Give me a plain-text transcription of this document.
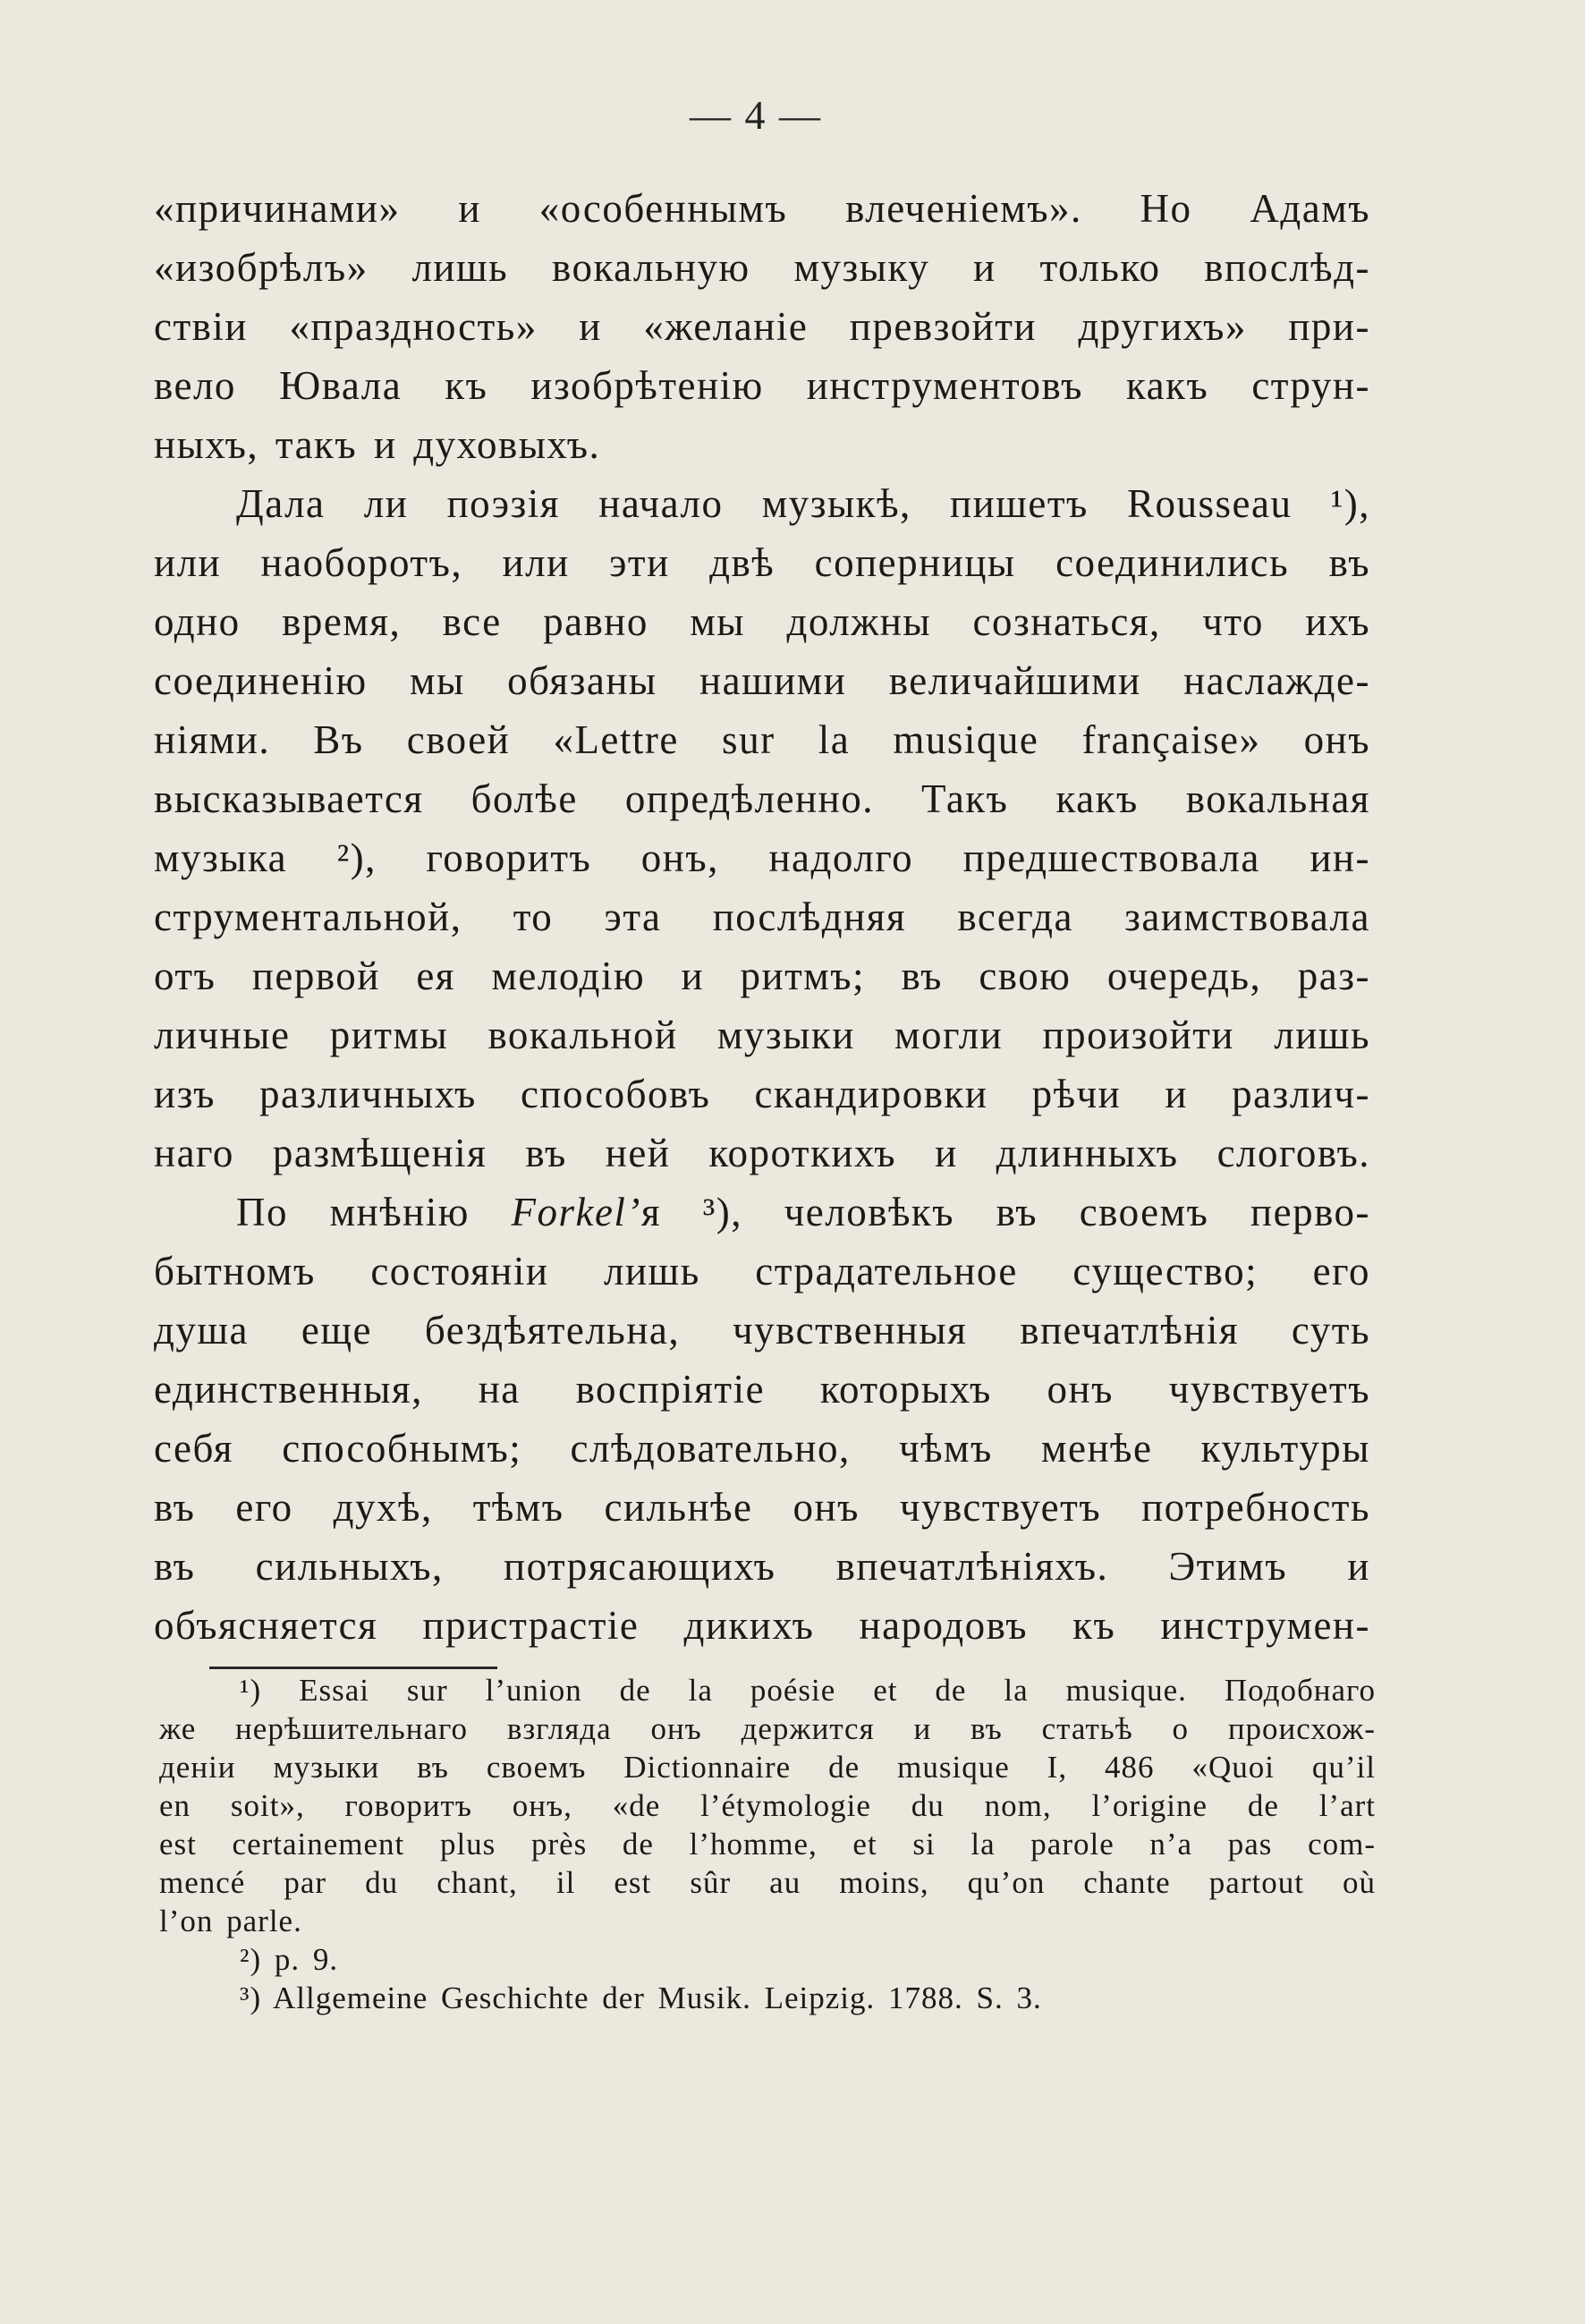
— 4 —
«причинами» и «особеннымъ влеченіемъ». Но Адамъ
«изобрѣлъ» лишь вокальную музыку и только впослѣд-
ствіи «праздность» и «желаніе превзойти другихъ» при-
вело Ювала къ изобрѣтенію инструментовъ какъ струн-
ныхъ, такъ и духовыхъ.
Дала ли поэзія начало музыкѣ, пишетъ Rousseau ¹),
или наоборотъ, или эти двѣ соперницы соединились въ
одно время, все равно мы должны сознаться, что ихъ
соединенію мы обязаны нашими величайшими наслажде-
ніями. Въ своей «Lettre sur la musique française» онъ
высказывается болѣе опредѣленно. Такъ какъ вокальная
музыка ²), говоритъ онъ, надолго предшествовала ин-
струментальной, то эта послѣдняя всегда заимствовала
отъ первой ея мелодію и ритмъ; въ свою очередь, раз-
личные ритмы вокальной музыки могли произойти лишь
изъ различныхъ способовъ скандировки рѣчи и различ-
наго размѣщенія въ ней короткихъ и длинныхъ слоговъ.
По мнѣнію Forkel’я ³), человѣкъ въ своемъ перво-
бытномъ состояніи лишь страдательное существо; его
душа еще бездѣятельна, чувственныя впечатлѣнія суть
единственныя, на воспріятіе которыхъ онъ чувствуетъ
себя способнымъ; слѣдовательно, чѣмъ менѣе культуры
въ его духѣ, тѣмъ сильнѣе онъ чувствуетъ потребность
въ сильныхъ, потрясающихъ впечатлѣніяхъ. Этимъ и
объясняется пристрастіе дикихъ народовъ къ инструмен-
¹) Essai sur l’union de la poésie et de la musique. Подобнаго
же нерѣшительнаго взгляда онъ держится и въ статьѣ о происхож-
деніи музыки въ своемъ Dictionnaire de musique I, 486 «Quoi qu’il
en soit», говоритъ онъ, «de l’étymologie du nom, l’origine de l’art
est certainement plus près de l’homme, et si la parole n’a pas com-
mencé par du chant, il est sûr au moins, qu’on chante partout où
l’on parle.
²) p. 9.
³) Allgemeine Geschichte der Musik. Leipzig. 1788. S. 3.
